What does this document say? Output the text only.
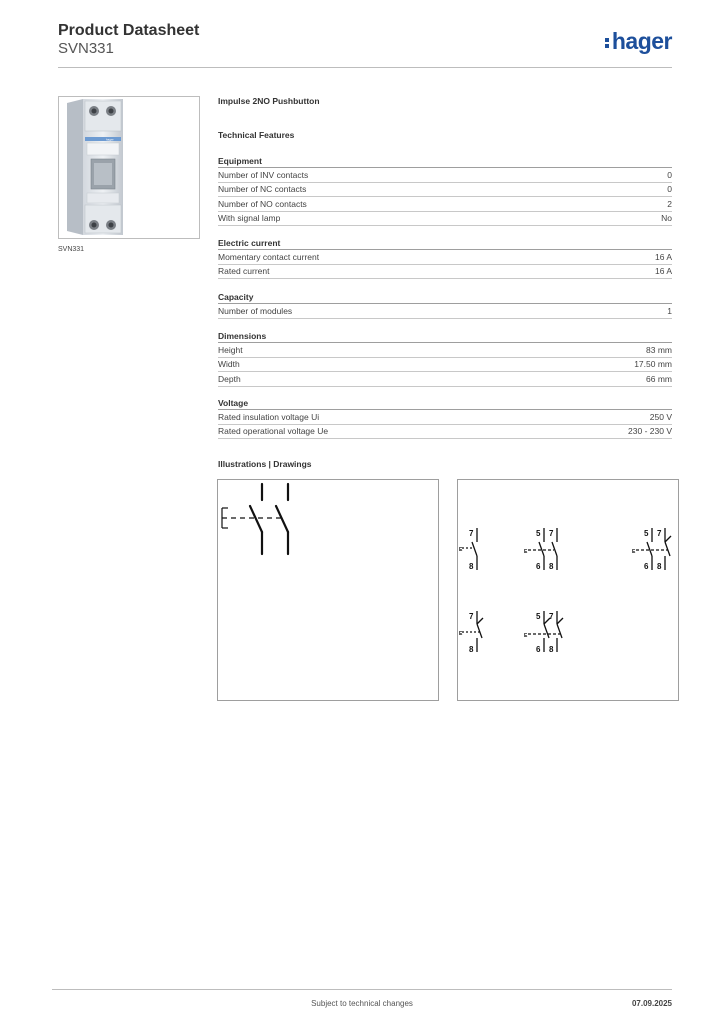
Product Datasheet
SVN331	hager
hager
SVN331
Impulse 2NO Pushbutton
Technical Features
Equipment
Number of INV contacts	0
Number of NC contacts	0
Number of NO contacts	2
With signal lamp	No
Electric current
Momentary contact current	16 A
Rated current	16 A
Capacity
Number of modules	1
Dimensions
Height	83 mm
Width	17.50 mm
Depth	66 mm
Voltage
Rated insulation voltage Ui	250 V
Rated operational voltage Ue	230 - 230 V
Illustrations | Drawings
7
8
E
5 7
6 8
E
5 7
6 8
E
7
8
E
5 7
6 8
E
Subject to technical changes	07.09.2025
